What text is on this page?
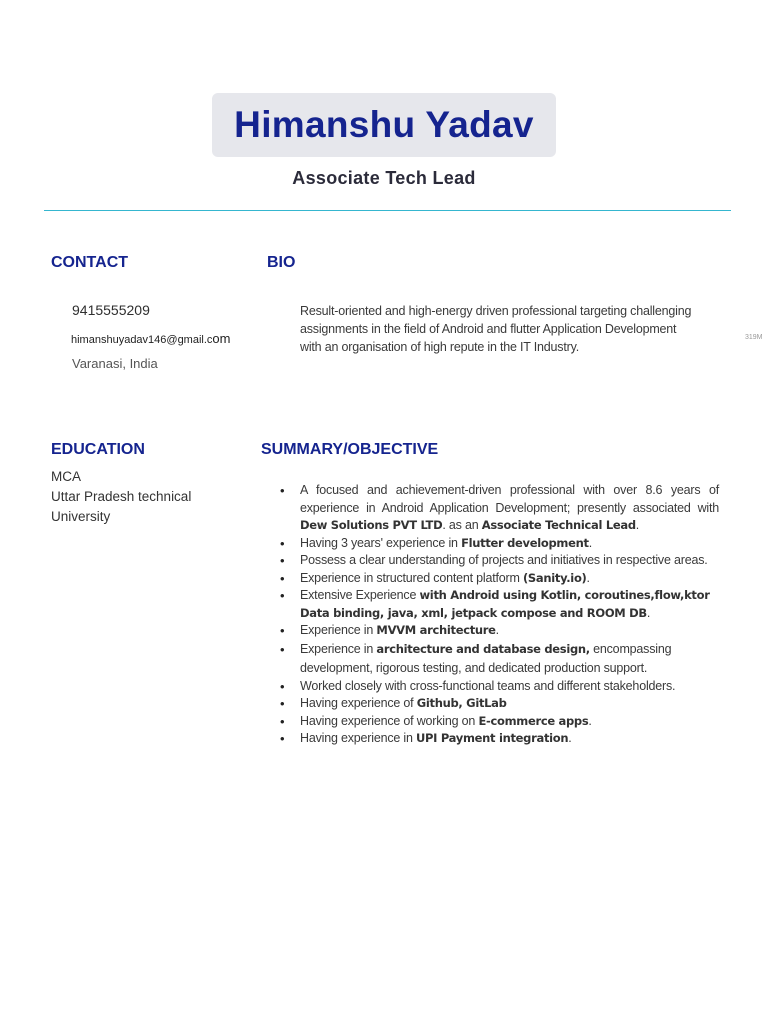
Himanshu Yadav
Associate Tech Lead
CONTACT
9415555209
himanshuyadav146@gmail.com
Varanasi, India
BIO
Result-oriented and high-energy driven professional targeting challenging
assignments in the field of Android and flutter Application Development
with an organisation of high repute in the IT Industry.
319M
EDUCATION
MCA
Uttar Pradesh technical
University
SUMMARY/OBJECTIVE
• A focused and achievement-driven professional with over 8.6 years of experience in Android Application Development; presently associated with Dew Solutions PVT LTD. as an Associate Technical Lead.
• Having 3 years' experience in Flutter development.
• Possess a clear understanding of projects and initiatives in respective areas.
• Experience in structured content platform (Sanity.io).
• Extensive Experience with Android using Kotlin, coroutines,flow,ktor Data binding, java, xml, jetpack compose and ROOM DB.
• Experience in MVVM architecture.
• Experience in architecture and database design, encompassing development, rigorous testing, and dedicated production support.
• Worked closely with cross-functional teams and different stakeholders.
• Having experience of Github, GitLab
• Having experience of working on E-commerce apps.
• Having experience in UPI Payment integration.
